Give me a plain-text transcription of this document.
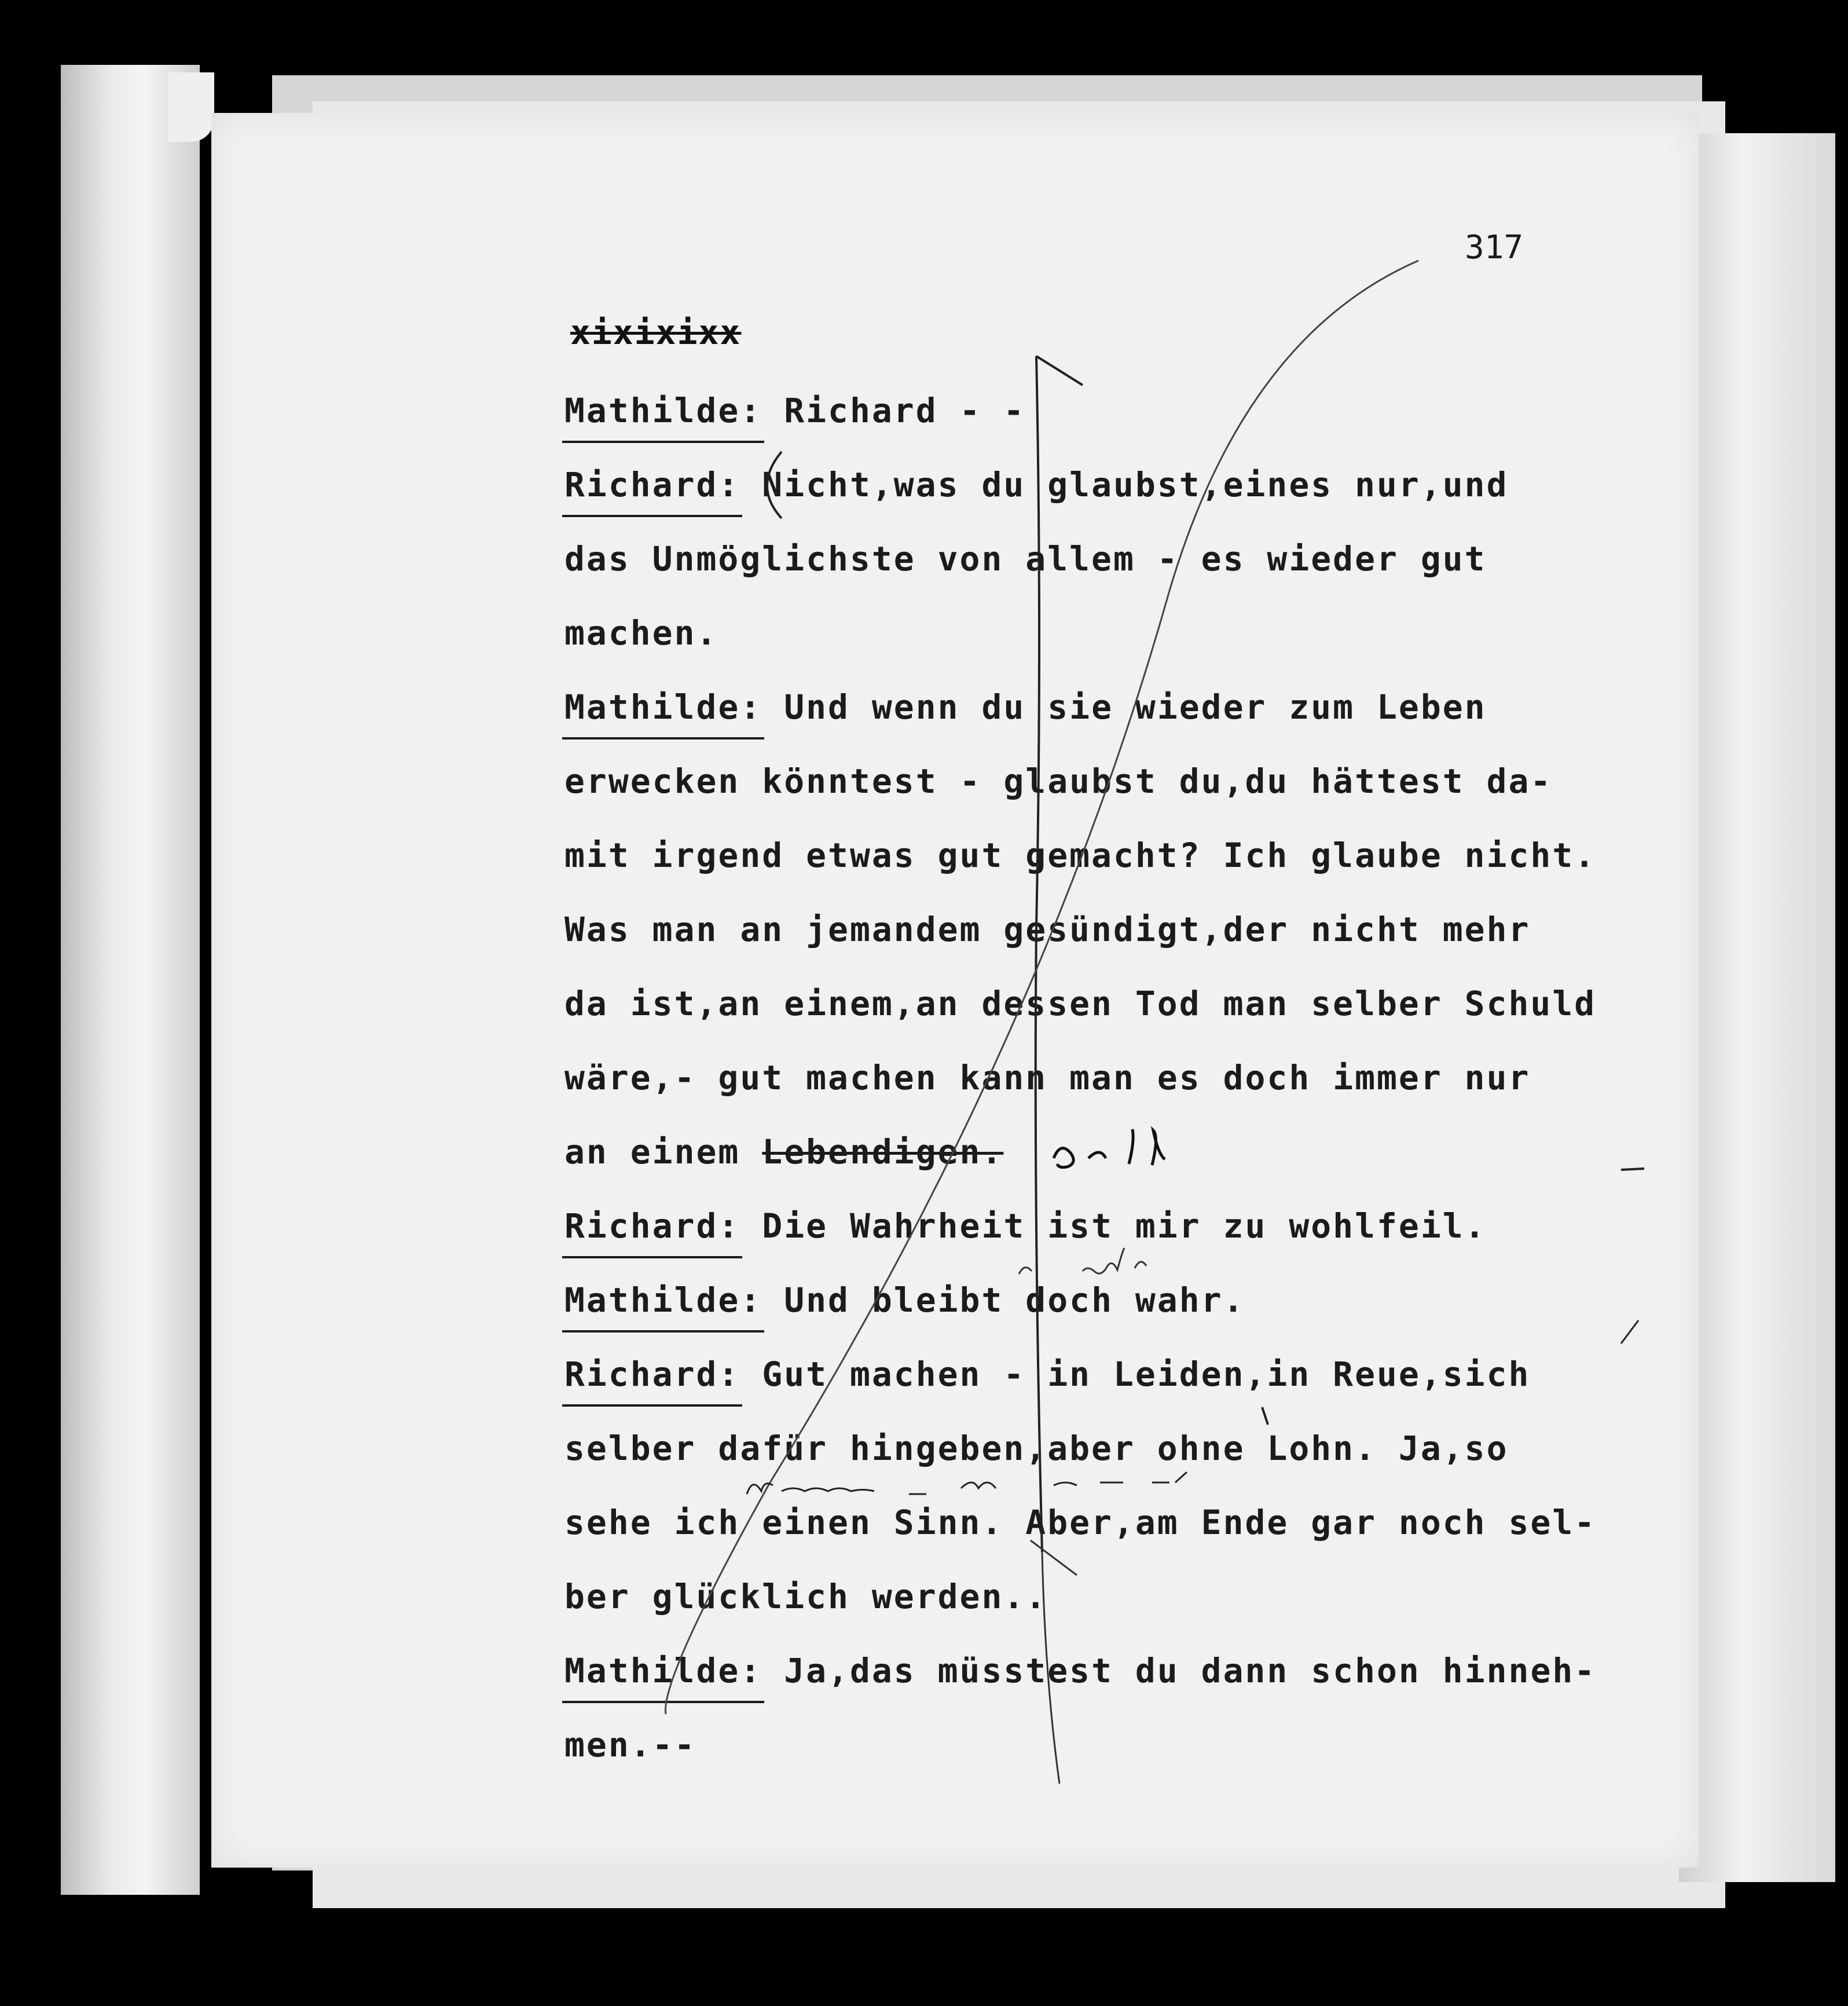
317
xixixixx
Mathilde: Richard - -
Richard: Nicht,was du glaubst,eines nur,und
das Unmöglichste von allem - es wieder gut
machen.
Mathilde: Und wenn du sie wieder zum Leben
erwecken könntest - glaubst du,du hättest da-
mit irgend etwas gut gemacht? Ich glaube nicht.
Was man an jemandem gesündigt,der nicht mehr
da ist,an einem,an dessen Tod man selber Schuld
wäre,- gut machen kann man es doch immer nur
an einem Lebendigen.
Richard: Die Wahrheit ist mir zu wohlfeil.
Mathilde: Und bleibt doch wahr.
Richard: Gut machen - in Leiden,in Reue,sich
selber dafür hingeben,aber ohne Lohn. Ja,so
sehe ich einen Sinn. Aber,am Ende gar noch sel-
ber glücklich werden..
Mathilde: Ja,das müsstest du dann schon hinneh-
men.--
